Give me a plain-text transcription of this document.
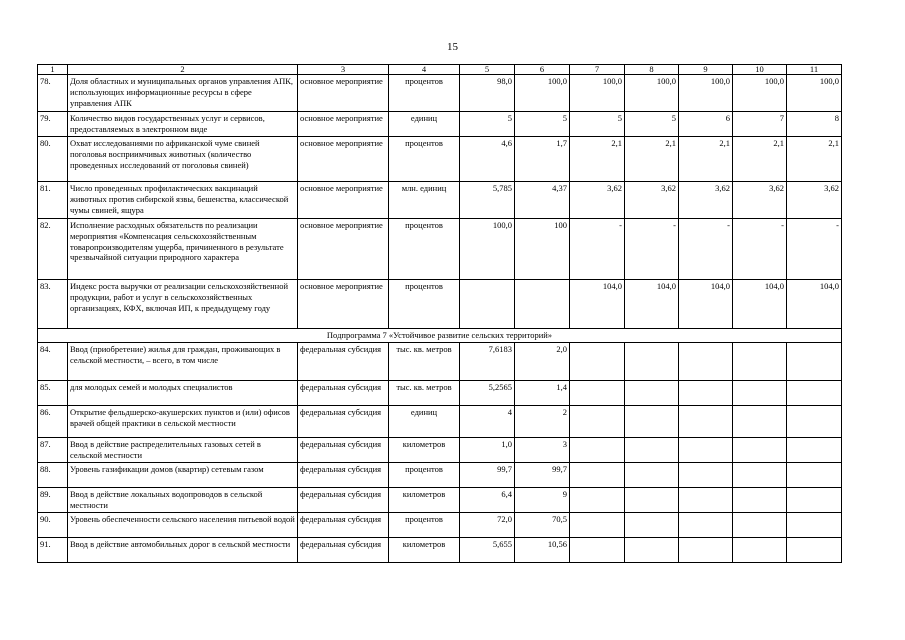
15
1	2	3	4	5	6	7	8	9	10	11
78.	Доля областных и муниципальных органов управления АПК, использующих информационные ресурсы в сфере управления АПК	основное мероприятие	процентов	98,0	100,0	100,0	100,0	100,0	100,0	100,0
79.	Количество видов государственных услуг и сервисов, предоставляемых в электронном виде	основное мероприятие	единиц	5	5	5	5	6	7	8
80.	Охват исследованиями по африканской чуме свиней поголовья восприимчивых животных (количество проведенных исследований от поголовья свиней)	основное мероприятие	процентов	4,6	1,7	2,1	2,1	2,1	2,1	2,1
81.	Число проведенных профилактических вакцинаций животных против сибирской язвы, бешенства, классической чумы свиней, ящура	основное мероприятие	млн. единиц	5,785	4,37	3,62	3,62	3,62	3,62	3,62
82.	Исполнение расходных обязательств по реализации мероприятия «Компенсация сельскохозяйственным товаропроизводителям ущерба, причиненного в результате чрезвычайной ситуации природного характера	основное мероприятие	процентов	100,0	100	-	-	-	-	-
83.	Индекс роста выручки от реализации сельскохозяйственной продукции, работ и услуг в сельскохозяйственных организациях, КФХ, включая ИП, к предыдущему году	основное мероприятие	процентов			104,0	104,0	104,0	104,0	104,0
Подпрограмма 7 «Устойчивое развитие сельских территорий»										
84.	Ввод (приобретение) жилья для граждан, проживающих в сельской местности, – всего, в том числе	федеральная субсидия	тыс. кв. метров	7,6183	2,0					
85.	для молодых семей и молодых специалистов	федеральная субсидия	тыс. кв. метров	5,2565	1,4					
86.	Открытие фельдшерско-акушерских пунктов и (или) офисов врачей общей практики в сельской местности	федеральная субсидия	единиц	4	2					
87.	Ввод в действие распределительных газовых сетей в сельской местности	федеральная субсидия	километров	1,0	3					
88.	Уровень газификации домов (квартир) сетевым газом	федеральная субсидия	процентов	99,7	99,7					
89.	Ввод в действие локальных водопроводов в сельской местности	федеральная субсидия	километров	6,4	9					
90.	Уровень обеспеченности сельского населения питьевой водой	федеральная субсидия	процентов	72,0	70,5					
91.	Ввод в действие автомобильных дорог в сельской местности	федеральная субсидия	километров	5,655	10,56					
